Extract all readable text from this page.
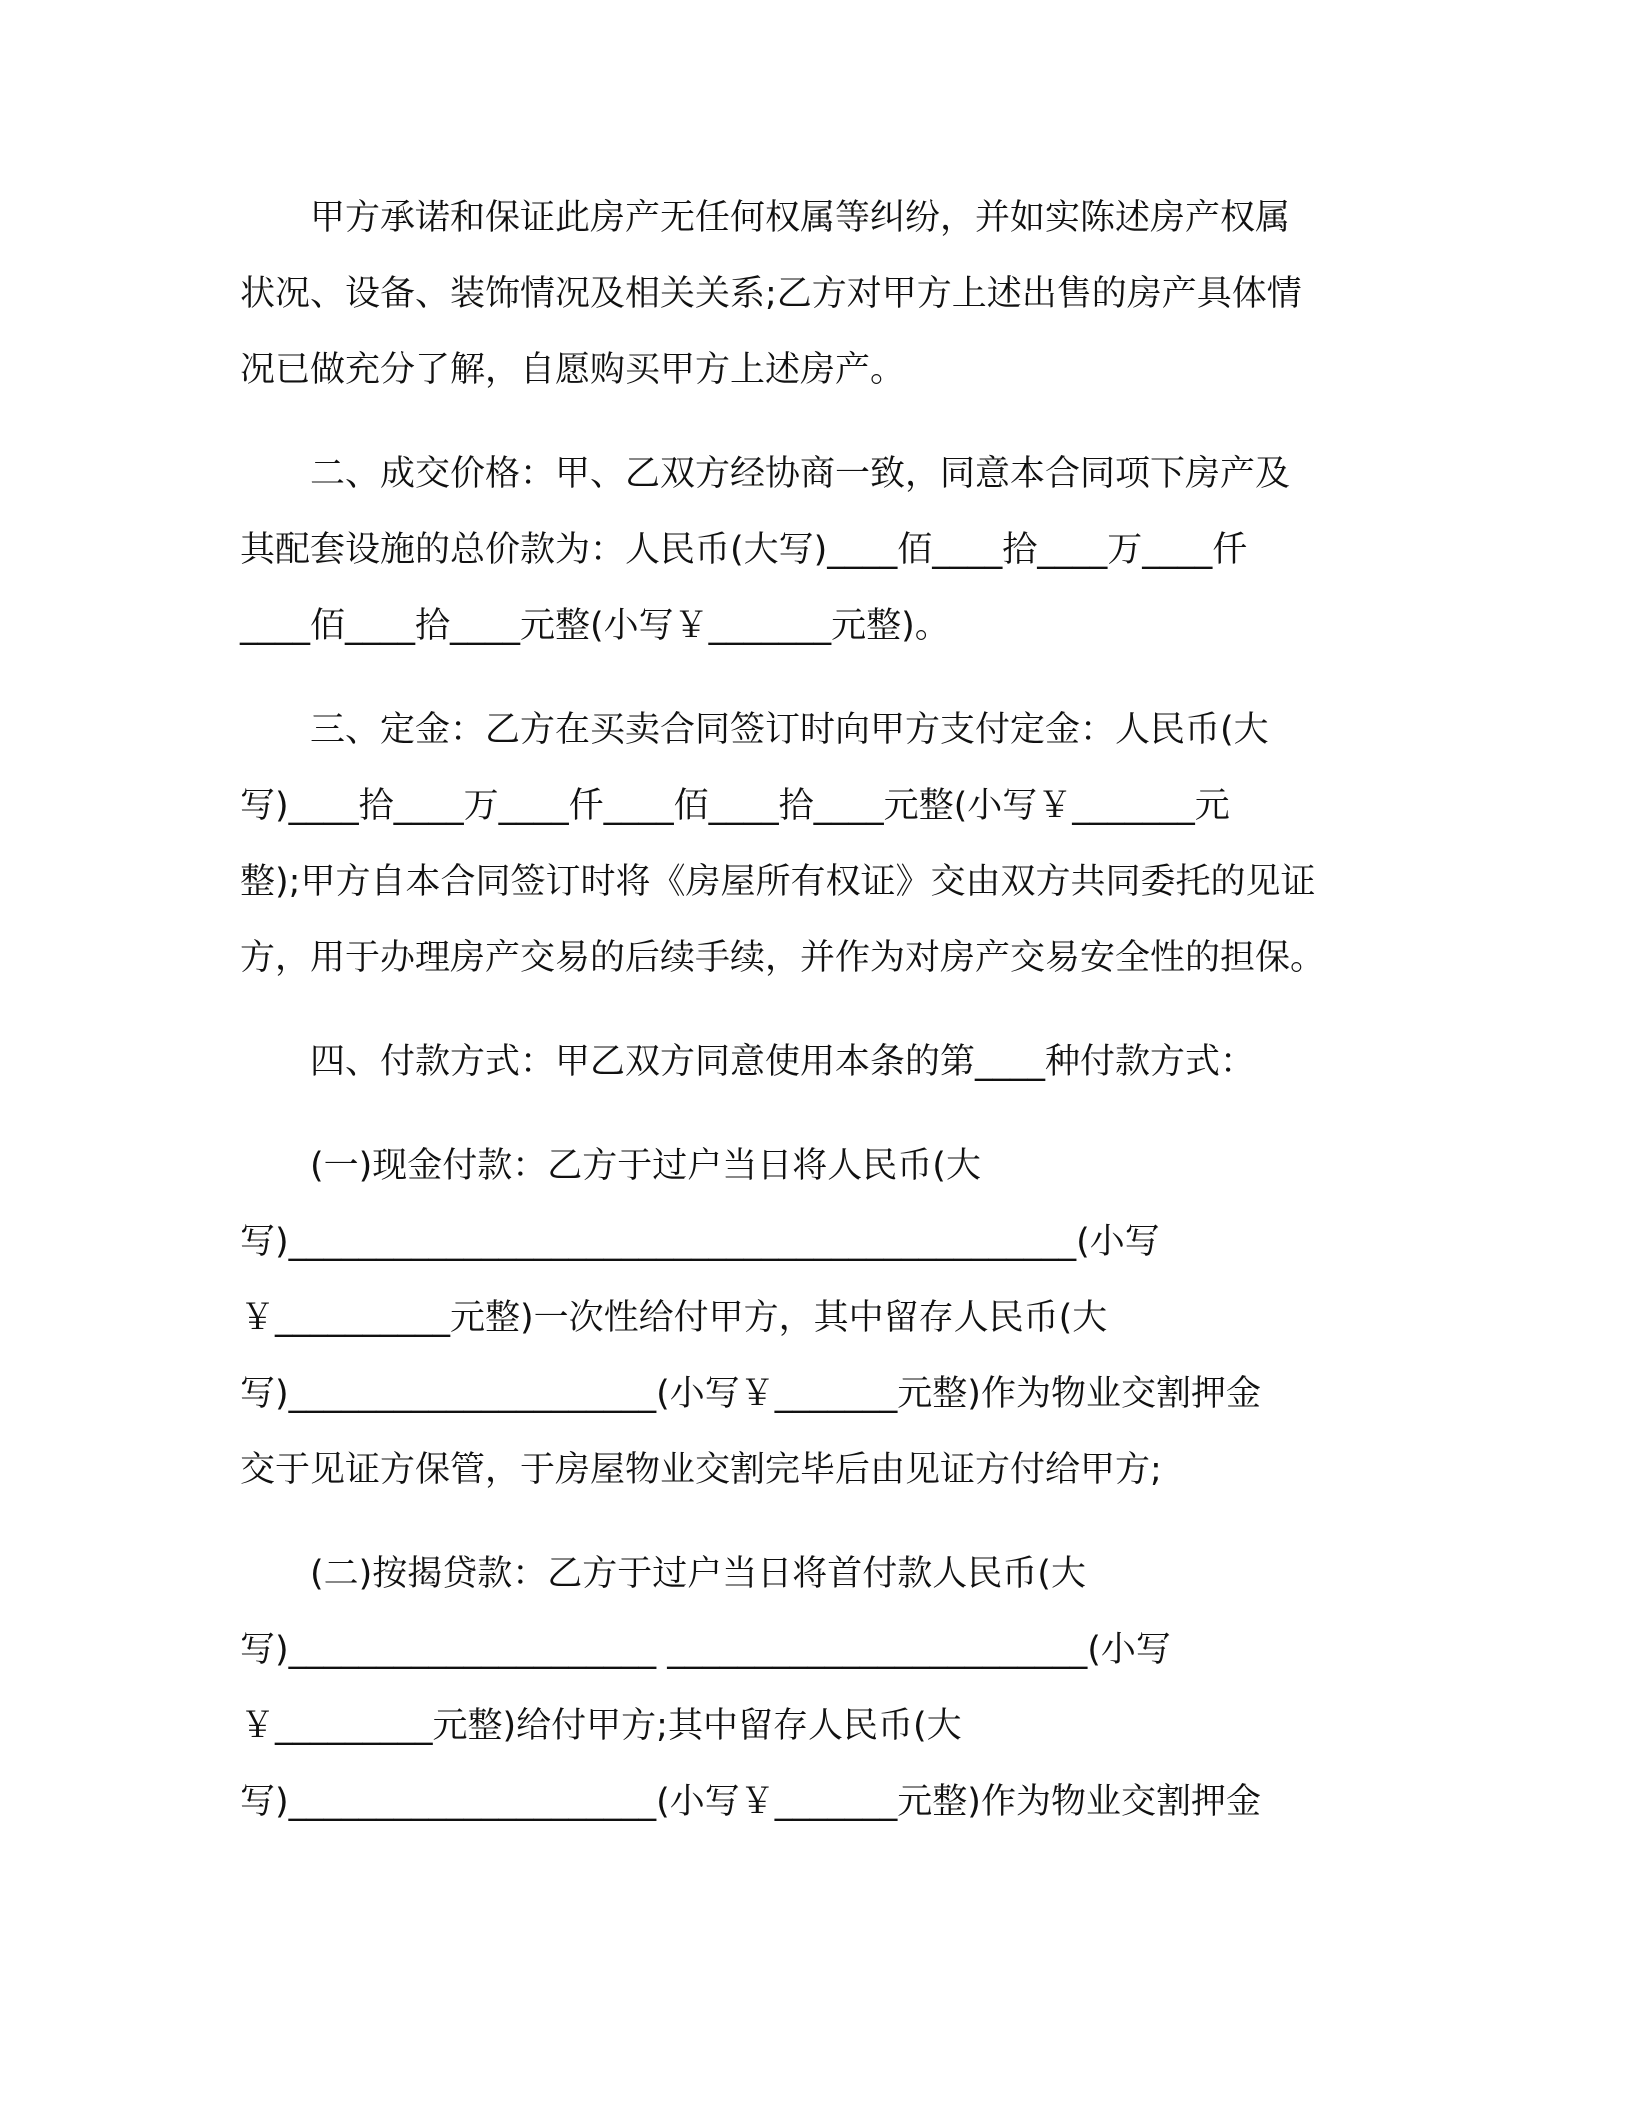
　　甲方承诺和保证此房产无任何权属等纠纷，并如实陈述房产权属

状况、设备、装饰情况及相关关系;乙方对甲方上述出售的房产具体情

况已做充分了解，自愿购买甲方上述房产。

　　二、成交价格：甲、乙双方经协商一致，同意本合同项下房产及

其配套设施的总价款为：人民币(大写)____佰____拾____万____仟

____佰____拾____元整(小写￥_______元整)。

　　三、定金：乙方在买卖合同签订时向甲方支付定金：人民币(大

写)____拾____万____仟____佰____拾____元整(小写￥_______元

整);甲方自本合同签订时将《房屋所有权证》交由双方共同委托的见证

方，用于办理房产交易的后续手续，并作为对房产交易安全性的担保。

　　四、付款方式：甲乙双方同意使用本条的第____种付款方式：

　　(一)现金付款：乙方于过户当日将人民币(大

写)_____________________________________________(小写

￥__________元整)一次性给付甲方，其中留存人民币(大

写)_____________________(小写￥_______元整)作为物业交割押金

交于见证方保管，于房屋物业交割完毕后由见证方付给甲方;

　　(二)按揭贷款：乙方于过户当日将首付款人民币(大

写)_____________________ ________________________(小写

￥_________元整)给付甲方;其中留存人民币(大

写)_____________________(小写￥_______元整)作为物业交割押金
